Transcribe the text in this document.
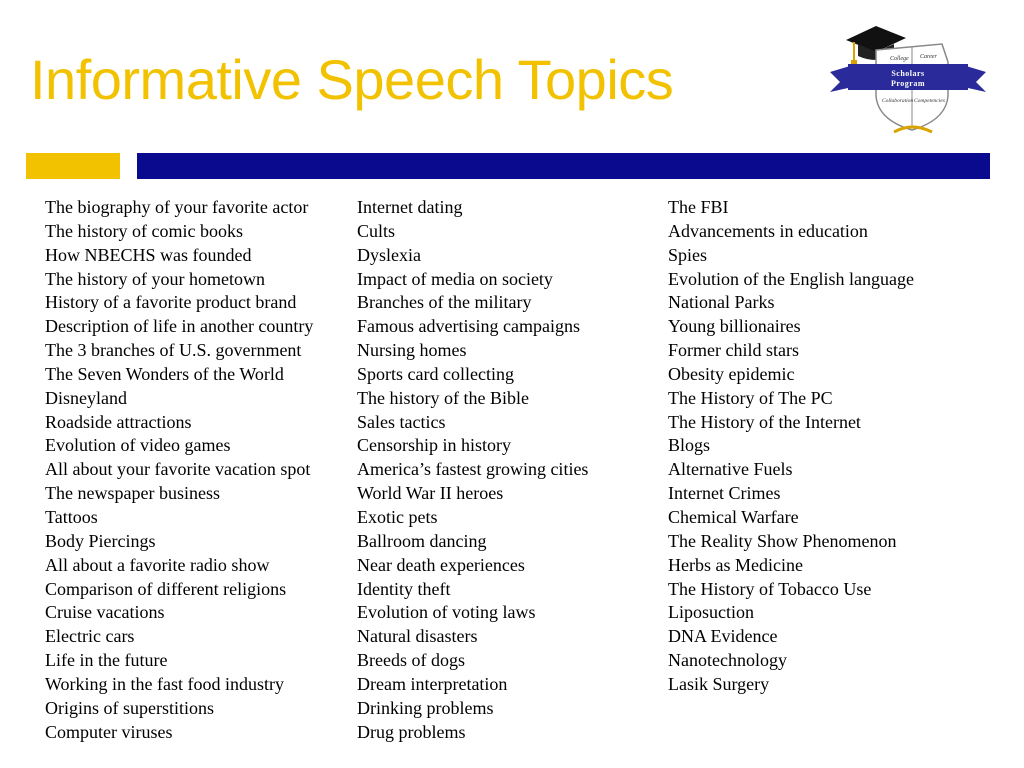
Informative Speech Topics	College Career
Scholars
Program
Collaboration Competencies
The biography of your favorite actor
The history of comic books
How NBECHS was founded
The history of your hometown
History of a favorite product brand
Description of life in another country
The 3 branches of U.S. government
The Seven Wonders of the World
Disneyland
Roadside attractions
Evolution of video games
All about your favorite vacation spot
The newspaper business
Tattoos
Body Piercings
All about a favorite radio show
Comparison of different religions
Cruise vacations
Electric cars
Life in the future
Working in the fast food industry
Origins of superstitions
Computer viruses
Internet dating
Cults
Dyslexia
Impact of media on society
Branches of the military
Famous advertising campaigns
Nursing homes
Sports card collecting
The history of the Bible
Sales tactics
Censorship in history
America’s fastest growing cities
World War II heroes
Exotic pets
Ballroom dancing
Near death experiences
Identity theft
Evolution of voting laws
Natural disasters
Breeds of dogs
Dream interpretation
Drinking problems
Drug problems
The FBI
Advancements in education
Spies
Evolution of the English language
National Parks
Young billionaires
Former child stars
Obesity epidemic
The History of The PC
The History of the Internet
Blogs
Alternative Fuels
Internet Crimes
Chemical Warfare
The Reality Show Phenomenon
Herbs as Medicine
The History of Tobacco Use
Liposuction
DNA Evidence
Nanotechnology
Lasik Surgery
